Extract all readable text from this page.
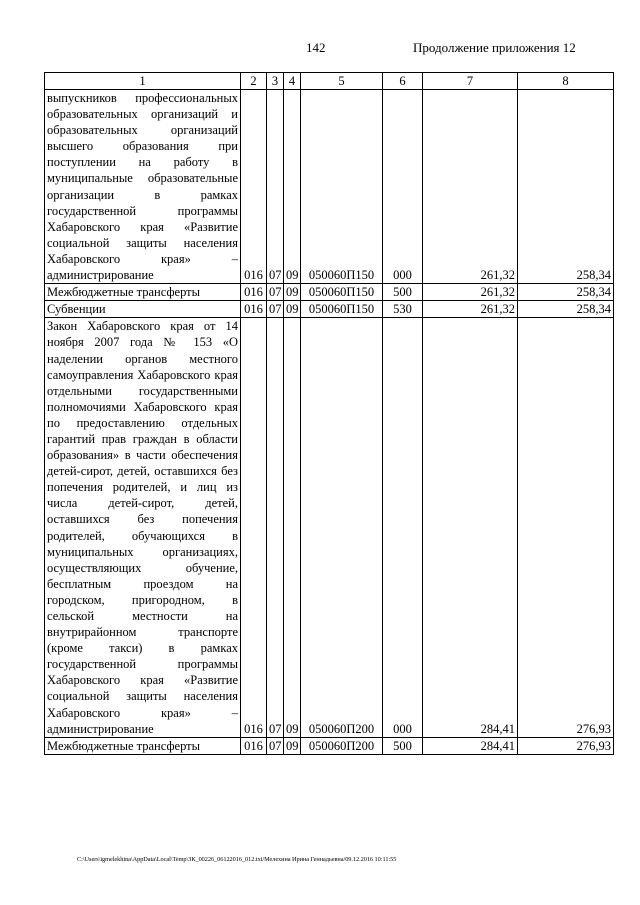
142	Продолжение приложения 12
1	2	3	4	5	6	7	8
выпускников профессиональных образовательных организаций и образовательных организаций высшего образования при поступлении на работу в муниципальные образовательные организации в рамках государственной программы Хабаровского края «Развитие социальной защиты населения Хабаровского края» – администрирование	016	07	09	050060П150	000	261,32	258,34
Межбюджетные трансферты	016	07	09	050060П150	500	261,32	258,34
Субвенции	016	07	09	050060П150	530	261,32	258,34
Закон Хабаровского края от 14 ноября 2007 года № 153 «О наделении органов местного самоуправления Хабаровского края отдельными государственными полномочиями Хабаровского края по предоставлению отдельных гарантий прав граждан в области образования» в части обеспечения детей-сирот, детей, оставшихся без попечения родителей, и лиц из числа детей-сирот, детей, оставшихся без попечения родителей, обучающихся в муниципальных организациях, осуществляющих обучение, бесплатным проездом на городском, пригородном, в сельской местности на внутрирайонном транспорте (кроме такси) в рамках государственной программы Хабаровского края «Развитие социальной защиты населения Хабаровского края» – администрирование	016	07	09	050060П200	000	284,41	276,93
Межбюджетные трансферты	016	07	09	050060П200	500	284,41	276,93
C:\Users\igmelekhina\AppData\Local\Temp\ЗК_00226_06122016_012.txt/Мелехина Ирина Геннадьевна/09.12.2016 10:11:55
